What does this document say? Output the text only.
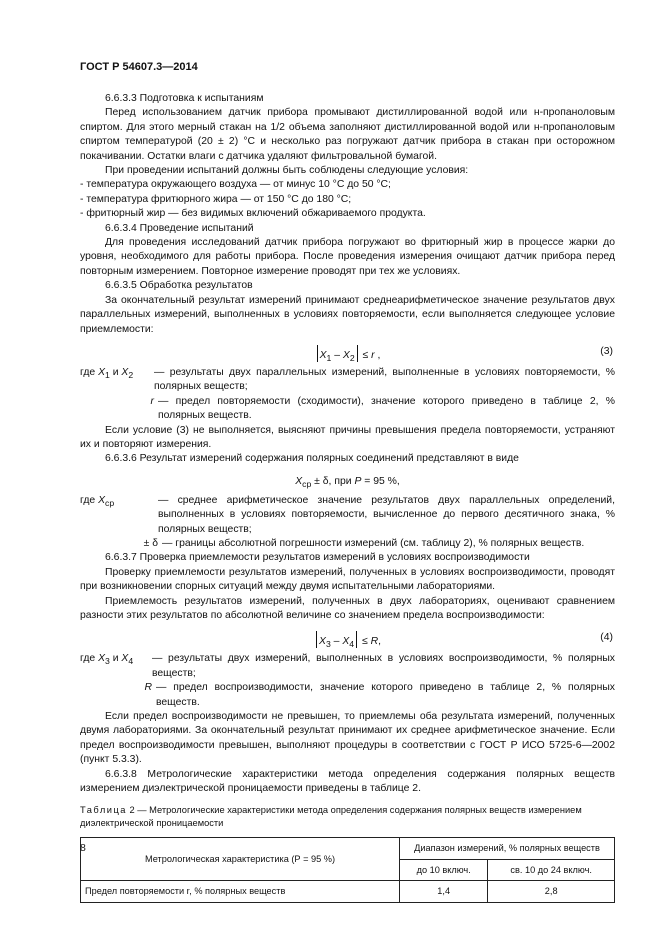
ГОСТ Р 54607.3—2014

6.6.3.3 Подготовка к испытаниям

Перед использованием датчик прибора промывают дистиллированной водой или н-пропаноловым спиртом. Для этого мерный стакан на 1/2 объема заполняют дистиллированной водой или н-пропаноловым спиртом температурой (20 ± 2) °С и несколько раз погружают датчик прибора в стакан при осторожном покачивании. Остатки влаги с датчика удаляют фильтровальной бумагой.

При проведении испытаний должны быть соблюдены следующие условия:

- температура окружающего воздуха — от минус 10 °С до 50 °С;

- температура фритюрного жира — от 150 °С до 180 °С;

- фритюрный жир — без видимых включений обжариваемого продукта.

6.6.3.4 Проведение испытаний

Для проведения исследований датчик прибора погружают во фритюрный жир в процессе жарки до уровня, необходимого для работы прибора. После проведения измерения очищают датчик прибора перед повторным измерением. Повторное измерение проводят при тех же условиях.

6.6.3.5 Обработка результатов

За окончательный результат измерений принимают среднеарифметическое значение результатов двух параллельных измерений, выполненных в условиях повторяемости, если выполняется следующее условие приемлемости:

$X_1 - X_2 \le r$ ,	(3)
где $X_1$ и $X_2$	— результаты двух параллельных измерений, выполненные в условиях повторяемости, % полярных веществ;
r — предел повторяемости (сходимости), значение которого приведено в таблице 2, % полярных веществ.

Если условие (3) не выполняется, выясняют причины превышения предела повторяемости, устраняют их и повторяют измерения.

6.6.3.6 Результат измерений содержания полярных соединений представляют в виде

$X_{ср} \pm \delta$, при P = 95 %,
где $X_{ср}$	— среднее арифметическое значение результатов двух параллельных определений, выполненных в условиях повторяемости, вычисленное до первого десятичного знака, % полярных веществ;
± δ — границы абсолютной погрешности измерений (см. таблицу 2), % полярных веществ.

6.6.3.7 Проверка приемлемости результатов измерений в условиях воспроизводимости

Проверку приемлемости результатов измерений, полученных в условиях воспроизводимости, проводят при возникновении спорных ситуаций между двумя испытательными лабораториями.

Приемлемость результатов измерений, полученных в двух лабораториях, оценивают сравнением разности этих результатов по абсолютной величине со значением предела воспроизводимости:

$X_3 - X_4 \le R$,	(4)
где $X_3$ и $X_4$	— результаты двух измерений, выполненных в условиях воспроизводимости, % полярных веществ;
R — предел воспроизводимости, значение которого приведено в таблице 2, % полярных веществ.

Если предел воспроизводимости не превышен, то приемлемы оба результата измерений, полученных двумя лабораториями. За окончательный результат принимают их среднее арифметическое значение. Если предел воспроизводимости превышен, выполняют процедуры в соответствии с ГОСТ Р ИСО 5725-6—2002 (пункт 5.3.3).

6.6.3.8 Метрологические характеристики метода определения содержания полярных веществ измерением диэлектрической проницаемости приведены в таблице 2.

Таблица 2 — Метрологические характеристики метода определения содержания полярных веществ измерением диэлектрической проницаемости

Метрологическая характеристика (Р = 95 %)	Диапазон измерений, % полярных веществ	
	до 10 включ.	св. 10 до 24 включ.
Предел повторяемости r, % полярных веществ	1,4	2,8
8
